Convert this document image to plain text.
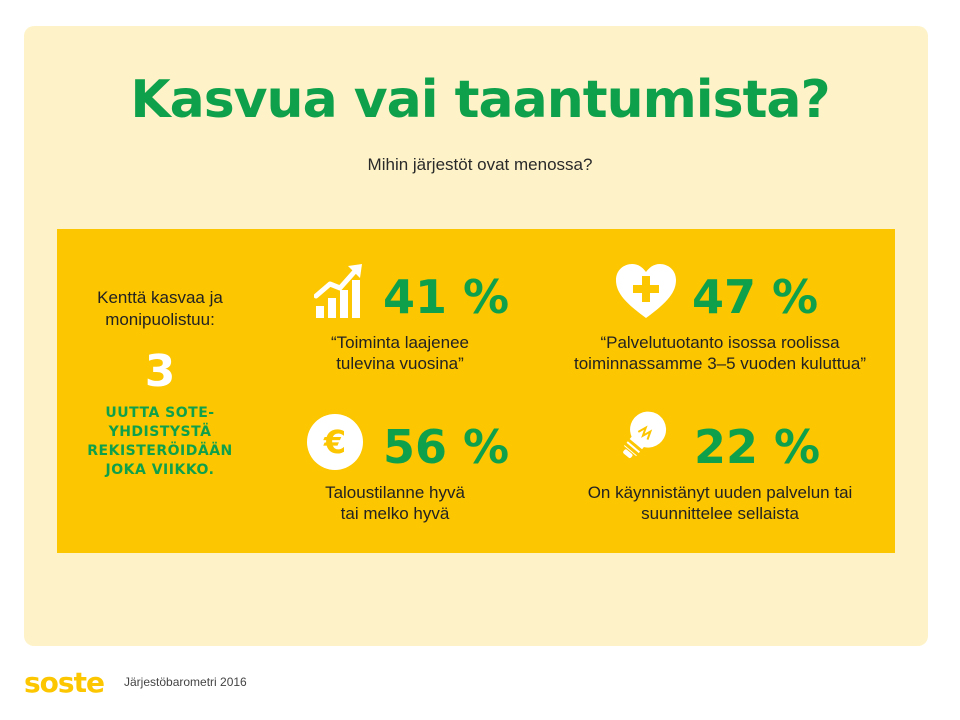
Kasvua vai taantumista?
Mihin järjestöt ovat menossa?
Kenttä kasvaa ja
monipuolistuu:
3
UUTTA SOTE-
YHDISTYSTÄ
REKISTERÖIDÄÄN
JOKA VIIKKO.
41 %
“Toiminta laajenee
tulevina vuosina”
47 %
“Palvelutuotanto isossa roolissa
toiminnassamme 3–5 vuoden kuluttua”
€ 56 %
Taloustilanne hyvä
tai melko hyvä
22 %
On käynnistänyt uuden palvelun tai
suunnittelee sellaista
soste Järjestöbarometri 2016
